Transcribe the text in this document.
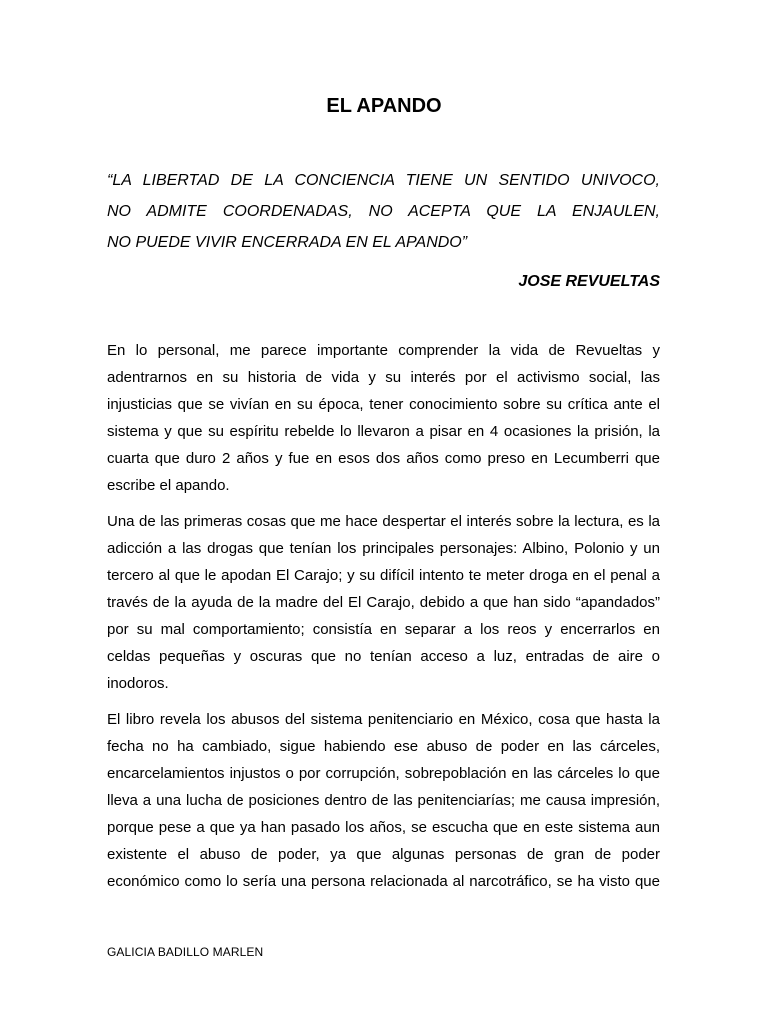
EL APANDO
“LA LIBERTAD DE LA CONCIENCIA TIENE UN SENTIDO UNIVOCO,
NO ADMITE COORDENADAS, NO ACEPTA QUE LA ENJAULEN,
NO PUEDE VIVIR ENCERRADA EN EL APANDO”
JOSE REVUELTAS
En lo personal, me parece importante comprender la vida de Revueltas y
adentrarnos en su historia de vida y su interés por el activismo social, las
injusticias que se vivían en su época, tener conocimiento sobre su crítica ante el
sistema y que su espíritu rebelde lo llevaron a pisar en 4 ocasiones la prisión, la
cuarta que duro 2 años y fue en esos dos años como preso en Lecumberri que
escribe el apando.
Una de las primeras cosas que me hace despertar el interés sobre la lectura, es la
adicción a las drogas que tenían los principales personajes: Albino, Polonio y un
tercero al que le apodan El Carajo; y su difícil intento te meter droga en el penal a
través de la ayuda de la madre del El Carajo, debido a que han sido “apandados”
por su mal comportamiento; consistía en separar a los reos y encerrarlos en
celdas pequeñas y oscuras que no tenían acceso a luz, entradas de aire o
inodoros.
El libro revela los abusos del sistema penitenciario en México, cosa que hasta la
fecha no ha cambiado, sigue habiendo ese abuso de poder en las cárceles,
encarcelamientos injustos o por corrupción, sobrepoblación en las cárceles lo que
lleva a una lucha de posiciones dentro de las penitenciarías; me causa impresión,
porque pese a que ya han pasado los años, se escucha que en este sistema aun
existente el abuso de poder, ya que algunas personas de gran de poder
económico como lo sería una persona relacionada al narcotráfico, se ha visto que
GALICIA BADILLO MARLEN
